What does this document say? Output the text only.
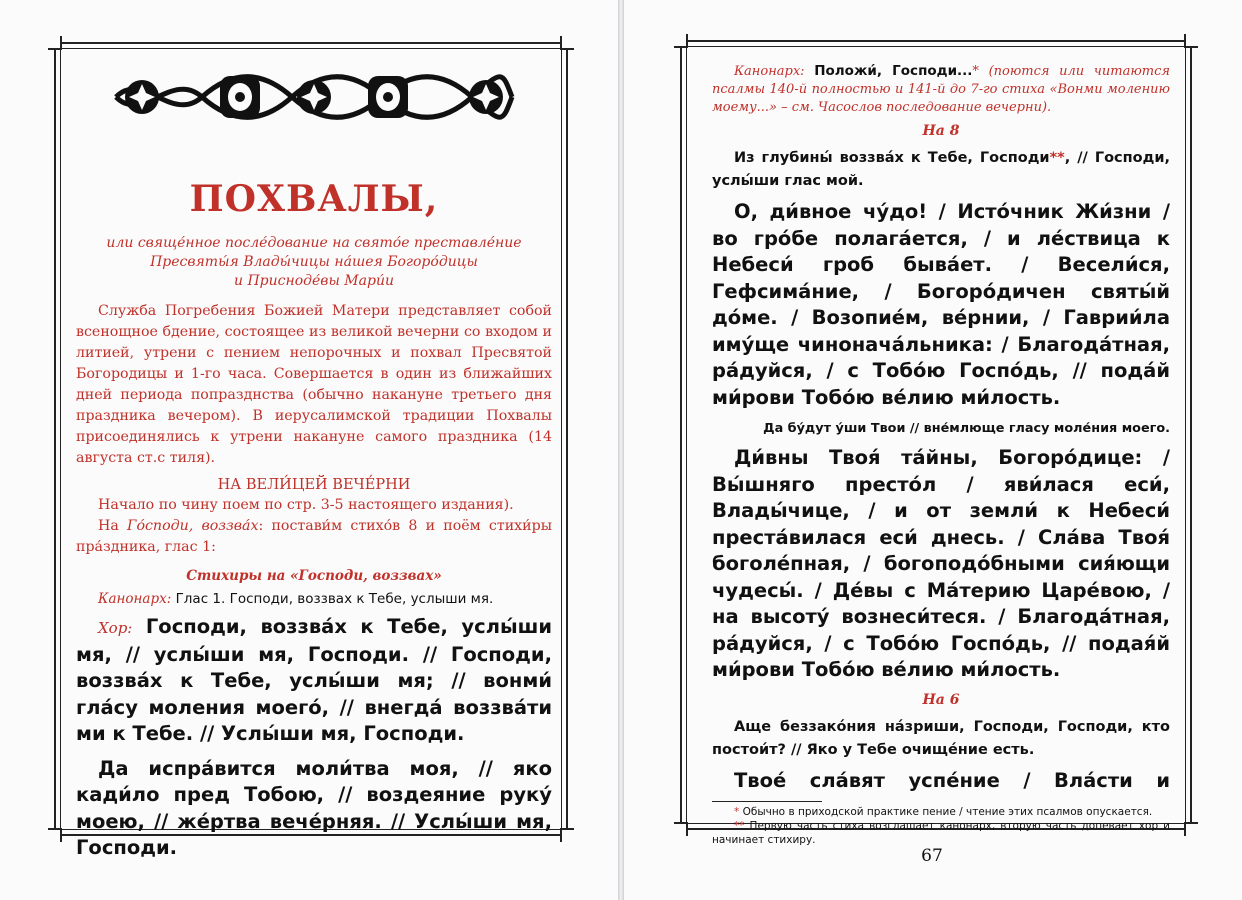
ПОХВАЛЫ,
или свяще́нное после́дование на свято́е преставле́ние
Пресвяты́я Влады́чицы на́шея Богоро́дицы
и Присноде́вы Мари́и

Служба Погребения Божией Матери представляет собой всенощное бдение, состоящее из великой вечерни со входом и литией, утрени с пением непорочных и похвал Пресвятой Богородицы и 1-го часа. Совершается в один из ближайших дней периода попразднства (обычно накануне третьего дня праздника вечером). В иерусалимской традиции Похвалы присоединялись к утрени накануне самого праздника (14 августа ст.с тиля).

НА ВЕЛИ́ЦЕЙ ВЕЧЕ́РНИ

Начало по чину поем по стр. 3-5 настоящего издания).

На Го́споди, воззва́х: постави́м стихо́в 8 и поём стихи́ры пра́здника, глас 1:

Стихиры на «Господи, воззвах»

Канонарх: Глас 1. Господи, воззвах к Тебе, услыши мя.

Хор: Господи, воззва́х к Тебе, услы́ши мя, // услы́ши мя, Господи. // Господи, воззва́х к Тебе, услы́ши мя; // вонми́ гла́су моления моего́, // внегда́ воззва́ти ми к Тебе. // Услы́ши мя, Господи.

Да испра́вится моли́тва моя, // яко кади́ло пред Тобою, // воздеяние руку́ моею, // же́ртва вече́рняя. // Услы́ши мя, Господи.

Канонарх: Положи́, Господи...* (поются или читаются псалмы 140-й полностью и 141-й до 7-го стиха «Вонми молению моему...» – см. Часослов последование вечерни).

На 8

Из глубины́ воззва́х к Тебе, Господи**, // Господи, услы́ши глас мой.

О, ди́вное чу́до! / Исто́чник Жи́зни / во гро́бе полага́ется, / и ле́ствица к Небеси́ гроб быва́ет. / Весели́ся, Гефсима́ние, / Богоро́дичен святы́й до́ме. / Возопие́м, ве́рнии, / Гаврии́ла иму́ще чинонача́льника: / Благода́тная, ра́дуйся, / с Тобо́ю Госпо́дь, // пода́й ми́рови Тобо́ю ве́лию ми́лость.

Да бу́дут у́ши Твои // вне́млюще гласу моле́ния моего.

Ди́вны Твоя́ та́йны, Богоро́дице: / Вы́шняго престо́л / яви́лася еси́, Влады́чице, / и от земли́ к Небеси́ преста́вилася еси́ днесь. / Сла́ва Твоя́ боголе́пная, / богоподо́бными сия́ющи чудесы́. / Де́вы с Ма́терию Царе́вою, / на высоту́ вознеси́теся. / Благода́тная, ра́дуйся, / с Тобо́ю Госпо́дь, // подая́й ми́рови Тобо́ю ве́лию ми́лость.

На 6

Аще беззако́ния на́зриши, Господи, Господи, кто постои́т? // Яко у Тебе очище́ние есть.

Твое́ сла́вят успе́ние / Вла́сти и

* Обычно в приходской практике пение / чтение этих псалмов опускается.

** Первую часть стиха возглашает канонарх, вторую часть допевает хор и начинает стихиру.

67
